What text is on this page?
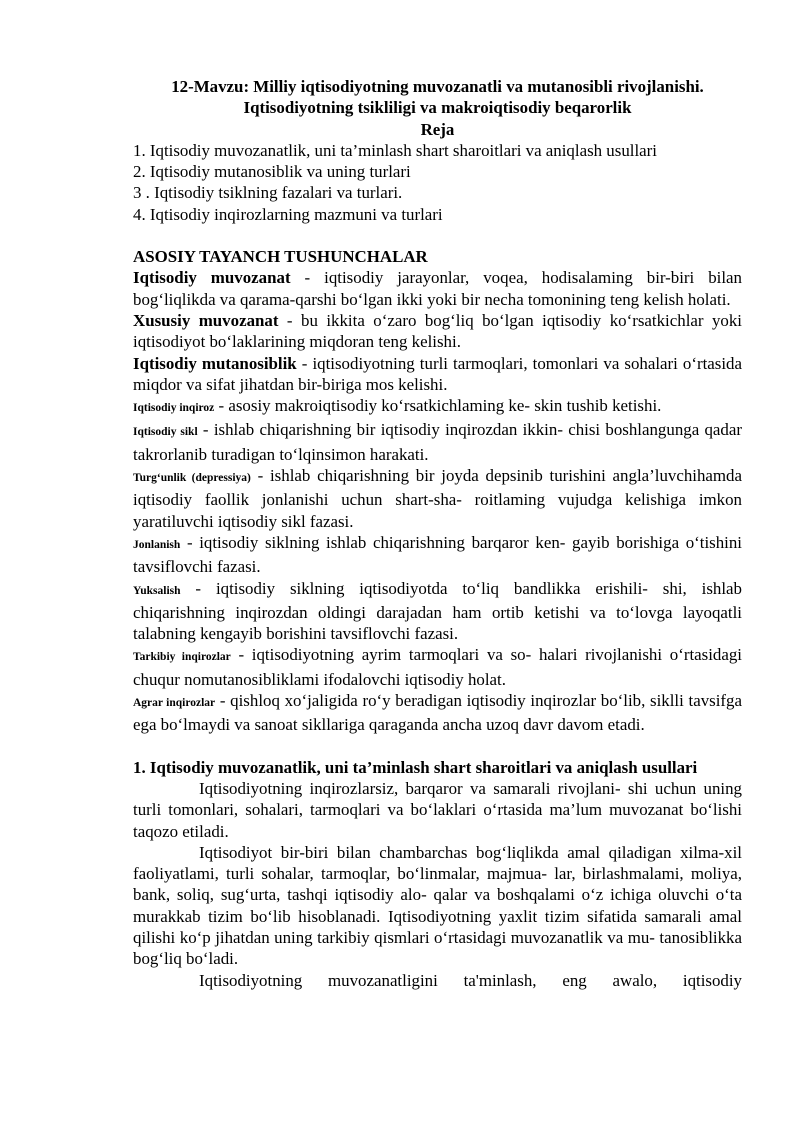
12-Mavzu: Milliy iqtisodiyotning muvozanatli va mutanosibli rivojlanishi.
Iqtisodiyotning tsikliligi va makroiqtisodiy beqarorlik
Reja
1. Iqtisodiy muvozanatlik, uni ta’minlash shart sharoitlari va aniqlash usullari
2. Iqtisodiy mutanosiblik va uning turlari
3 . Iqtisodiy tsiklning fazalari va turlari.
4. Iqtisodiy inqirozlarning mazmuni va turlari
ASOSIY TAYANCH TUSHUNCHALAR
Iqtisodiy muvozanat - iqtisodiy jarayonlar, voqea, hodisalaming bir-biri bilan bog‘liqlikda va qarama-qarshi bo‘lgan ikki yoki bir necha tomonining teng kelish holati.
Xususiy muvozanat - bu ikkita o‘zaro bog‘liq bo‘lgan iqtisodiy ko‘rsatkichlar yoki iqtisodiyot bo‘laklarining miqdoran teng kelishi.
Iqtisodiy mutanosiblik - iqtisodiyotning turli tarmoqlari, tomonlari va sohalari o‘rtasida miqdor va sifat jihatdan bir-biriga mos kelishi.
Iqtisodiy inqiroz - asosiy makroiqtisodiy ko‘rsatkichlaming ke- skin tushib ketishi.
Iqtisodiy sikl - ishlab chiqarishning bir iqtisodiy inqirozdan ikkin- chisi boshlangunga qadar takrorlanib turadigan to‘lqinsimon harakati.
Turg‘unlik (depressiya) - ishlab chiqarishning bir joyda depsinib turishini angla’luvchihamda iqtisodiy faollik jonlanishi uchun shart-sha- roitlaming vujudga kelishiga imkon yaratiluvchi iqtisodiy sikl fazasi.
Jonlanish - iqtisodiy siklning ishlab chiqarishning barqaror ken- gayib borishiga o‘tishini tavsiflovchi fazasi.
Yuksalish - iqtisodiy siklning iqtisodiyotda to‘liq bandlikka erishili- shi, ishlab chiqarishning inqirozdan oldingi darajadan ham ortib ketishi va to‘lovga layoqatli talabning kengayib borishini tavsiflovchi fazasi.
Tarkibiy inqirozlar - iqtisodiyotning ayrim tarmoqlari va so- halari rivojlanishi o‘rtasidagi chuqur nomutanosibliklami ifodalovchi iqtisodiy holat.
Agrar inqirozlar - qishloq xo‘jaligida ro‘y beradigan iqtisodiy inqirozlar bo‘lib, siklli tavsifga ega bo‘lmaydi va sanoat sikllariga qaraganda ancha uzoq davr davom etadi.
1. Iqtisodiy muvozanatlik, uni ta’minlash shart sharoitlari va aniqlash usullari
Iqtisodiyotning inqirozlarsiz, barqaror va samarali rivojlani- shi uchun uning turli tomonlari, sohalari, tarmoqlari va bo‘laklari o‘rtasida ma’lum muvozanat bo‘lishi taqozo etiladi.
Iqtisodiyot bir-biri bilan chambarchas bog‘liqlikda amal qiladigan xilma-xil faoliyatlami, turli sohalar, tarmoqlar, bo‘linmalar, majmua- lar, birlashmalami, moliya, bank, soliq, sug‘urta, tashqi iqtisodiy alo- qalar va boshqalami o‘z ichiga oluvchi o‘ta murakkab tizim bo‘lib hisoblanadi. Iqtisodiyotning yaxlit tizim sifatida samarali amal qilishi ko‘p jihatdan uning tarkibiy qismlari o‘rtasidagi muvozanatlik va mu- tanosiblikka bog‘liq bo‘ladi.
Iqtisodiyotning muvozanatligini ta'minlash, eng awalo, iqtisodiy
